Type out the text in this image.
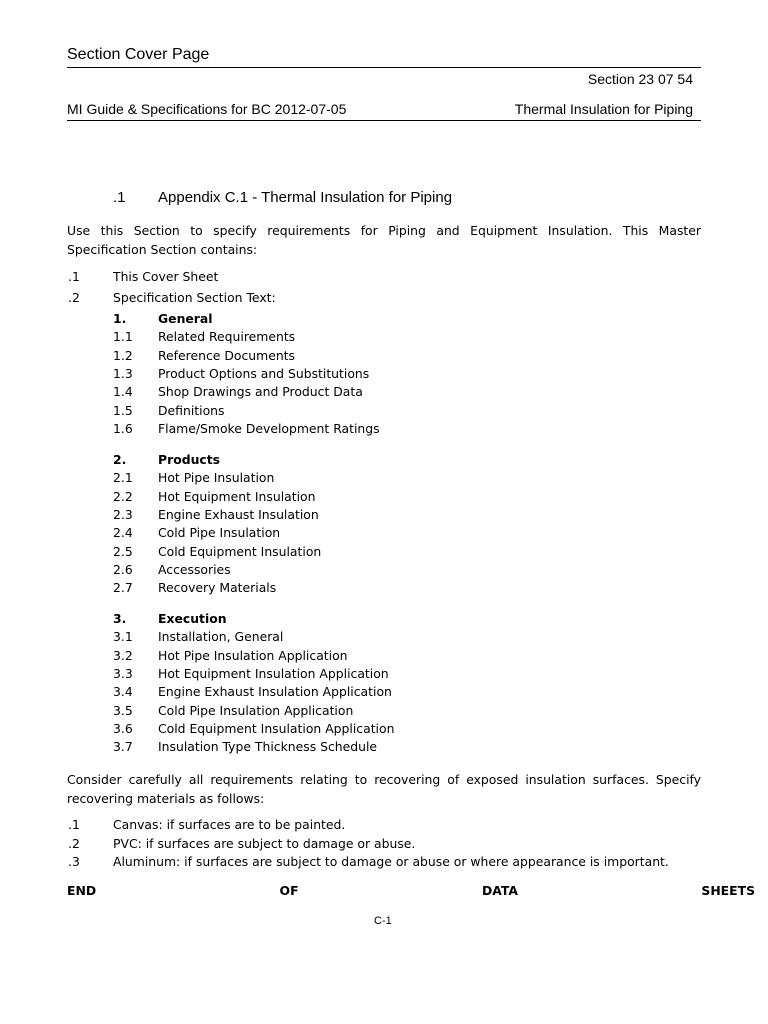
Section Cover Page
Section 23 07 54
MI Guide & Specifications for BC 2012-07-05	Thermal Insulation for Piping
.1 Appendix C.1 - Thermal Insulation for Piping
Use this Section to specify requirements for Piping and Equipment Insulation. This Master Specification Section contains:
.1	This Cover Sheet
.2	Specification Section Text:
1.	General
1.1 Related Requirements
1.2 Reference Documents
1.3 Product Options and Substitutions
1.4 Shop Drawings and Product Data
1.5 Definitions
1.6 Flame/Smoke Development Ratings
2.	Products
2.1 Hot Pipe Insulation
2.2 Hot Equipment Insulation
2.3 Engine Exhaust Insulation
2.4 Cold Pipe Insulation
2.5 Cold Equipment Insulation
2.6 Accessories
2.7 Recovery Materials
3.	Execution
3.1 Installation, General
3.2 Hot Pipe Insulation Application
3.3 Hot Equipment Insulation Application
3.4 Engine Exhaust Insulation Application
3.5 Cold Pipe Insulation Application
3.6 Cold Equipment Insulation Application
3.7 Insulation Type Thickness Schedule
Consider carefully all requirements relating to recovering of exposed insulation surfaces. Specify recovering materials as follows:
.1	Canvas: if surfaces are to be painted.
.2	PVC: if surfaces are subject to damage or abuse.
.3	Aluminum: if surfaces are subject to damage or abuse or where appearance is important.
END	OF	DATA	SHEETS
C-1
